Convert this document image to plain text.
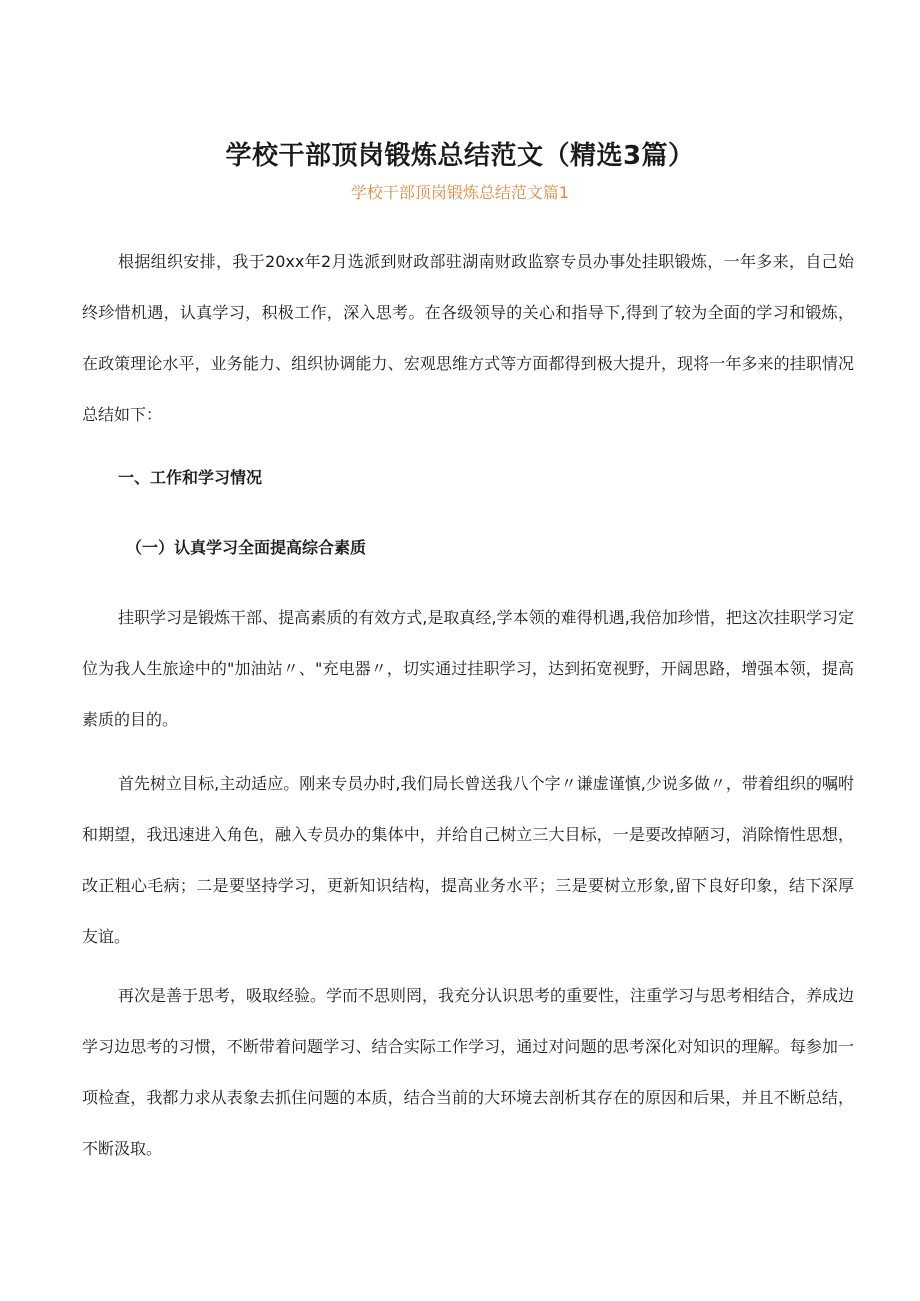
学校干部顶岗锻炼总结范文（精选3篇）
学校干部顶岗锻炼总结范文篇1

根据组织安排，我于20xx年2月选派到财政部驻湖南财政监察专员办事处挂职锻炼，一年多来，自己始终珍惜机遇，认真学习，积极工作，深入思考。在各级领导的关心和指导下,得到了较为全面的学习和锻炼，在政策理论水平，业务能力、组织协调能力、宏观思维方式等方面都得到极大提升，现将一年多来的挂职情况总结如下：

一、工作和学习情况
（一）认真学习全面提高综合素质

挂职学习是锻炼干部、提高素质的有效方式,是取真经,学本领的难得机遇,我倍加珍惜，把这次挂职学习定位为我人生旅途中的"加油站〃、"充电器〃，切实通过挂职学习，达到拓宽视野，开阔思路，增强本领，提高素质的目的。

首先树立目标,主动适应。刚来专员办时,我们局长曾送我八个字〃谦虚谨慎,少说多做〃，带着组织的嘱咐和期望，我迅速进入角色，融入专员办的集体中，并给自己树立三大目标，一是要改掉陋习，消除惰性思想，改正粗心毛病；二是要坚持学习，更新知识结构，提高业务水平；三是要树立形象,留下良好印象，结下深厚友谊。

再次是善于思考，吸取经验。学而不思则罔，我充分认识思考的重要性，注重学习与思考相结合，养成边学习边思考的习惯，不断带着问题学习、结合实际工作学习，通过对问题的思考深化对知识的理解。每参加一项检查，我都力求从表象去抓住问题的本质，结合当前的大环境去剖析其存在的原因和后果，并且不断总结，不断汲取。
